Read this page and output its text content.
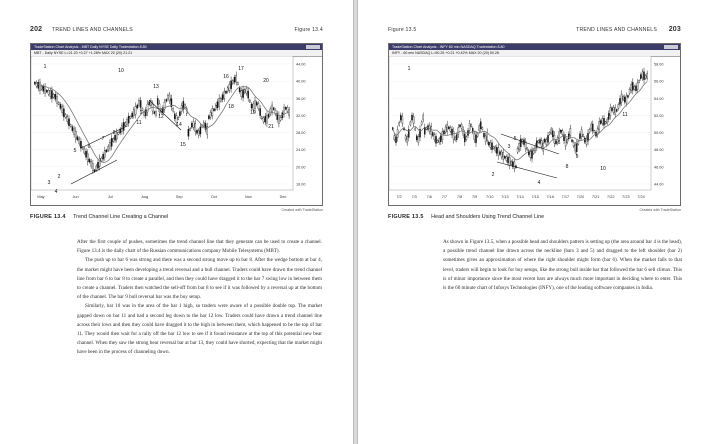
202 TREND LINES AND CHANNELS	Figure 13.4
TradeStation Chart Analysis - MBT Daily NYSE Daily Tradestation 8.80
MBT - Daily NYSE L=21.20 +0.27 +1.28% MAX 20 (20) 21.21
44.00
40.00
36.00
32.00
28.00
24.00
20.00
16.00
May	Jun	Jul	Aug	Sep	Oct	Nov	Dec
1
2
3
4
5
6
7
8
9
10
11
12
13
14
15
16
17
18
19
20
21
Created with TradeStation
FIGURE 13.4 Trend Channel Line Creating a Channel

After the first couple of pushes, sometimes the trend channel line that they generate can be used to create a channel. Figure 13.4 is the daily chart of the Russian communications company Mobile Telesystems (MBT).

The push up to bar 6 was strong and there was a second strong move up to bar 8. After the wedge bottom at bar 4, the market might have been developing a trend reversal and a bull channel. Traders could have drawn the trend channel line from bar 6 to bar 8 to create a parallel, and then they could have dragged it to the bar 7 swing low in between them to create a channel. Traders then watched the sell-off from bar 8 to see if it was followed by a reversal up at the bottom of the channel. The bar 9 bull reversal bar was the buy setup.

Similarly, bar 10 was in the area of the bar 1 high, so traders were aware of a possible double top. The market gapped down on bar 11 and had a second leg down to the bar 12 low. Traders could have drawn a trend channel line across their lows and then they could have dragged it to the high in between them, which happened to be the top of bar 11. They would then wait for a rally off the bar 12 low to see if it found resistance at the top of this potential new bear channel. When they saw the strong bear reversal bar at bar 13, they could have shorted, expecting that the market might have been in the process of channeling down.

Figure 13.5	TREND LINES AND CHANNELS 203
TradeStation Chart Analysis - INFY 60 min NASDAQ Tradestation 8.80
INFY - 60 min NASDAQ L=50.25 +0.21 +0.42% MAX 20 (20) 50.28
58.00
56.00
54.00
52.00
50.00
48.00
46.00
44.00
7/2	7/3	7/6	7/7	7/8	7/9 7/10 7/13 7/14 7/15 7/16 7/17 7/20 7/21 7/22 7/23 7/24
1
2
3
4
5
6
7
8
9
10
11
Created with TradeStation
FIGURE 13.5 Head and Shoulders Using Trend Channel Line

As shown in Figure 13.5, when a possible head and shoulders pattern is setting up (the area around bar 4 is the head), a possible trend channel line drawn across the neckline (bars 3 and 5) and dragged to the left shoulder (bar 2) sometimes gives an approximation of where the right shoulder might form (bar 6). When the market falls to that level, traders will begin to look for buy setups, like the strong bull inside bar that followed the bar 6 sell climax. This is of minor importance since the most recent bars are always much more important in deciding where to enter. This is the 60 minute chart of Infosys Technologies (INFY), one of the leading software companies in India.
